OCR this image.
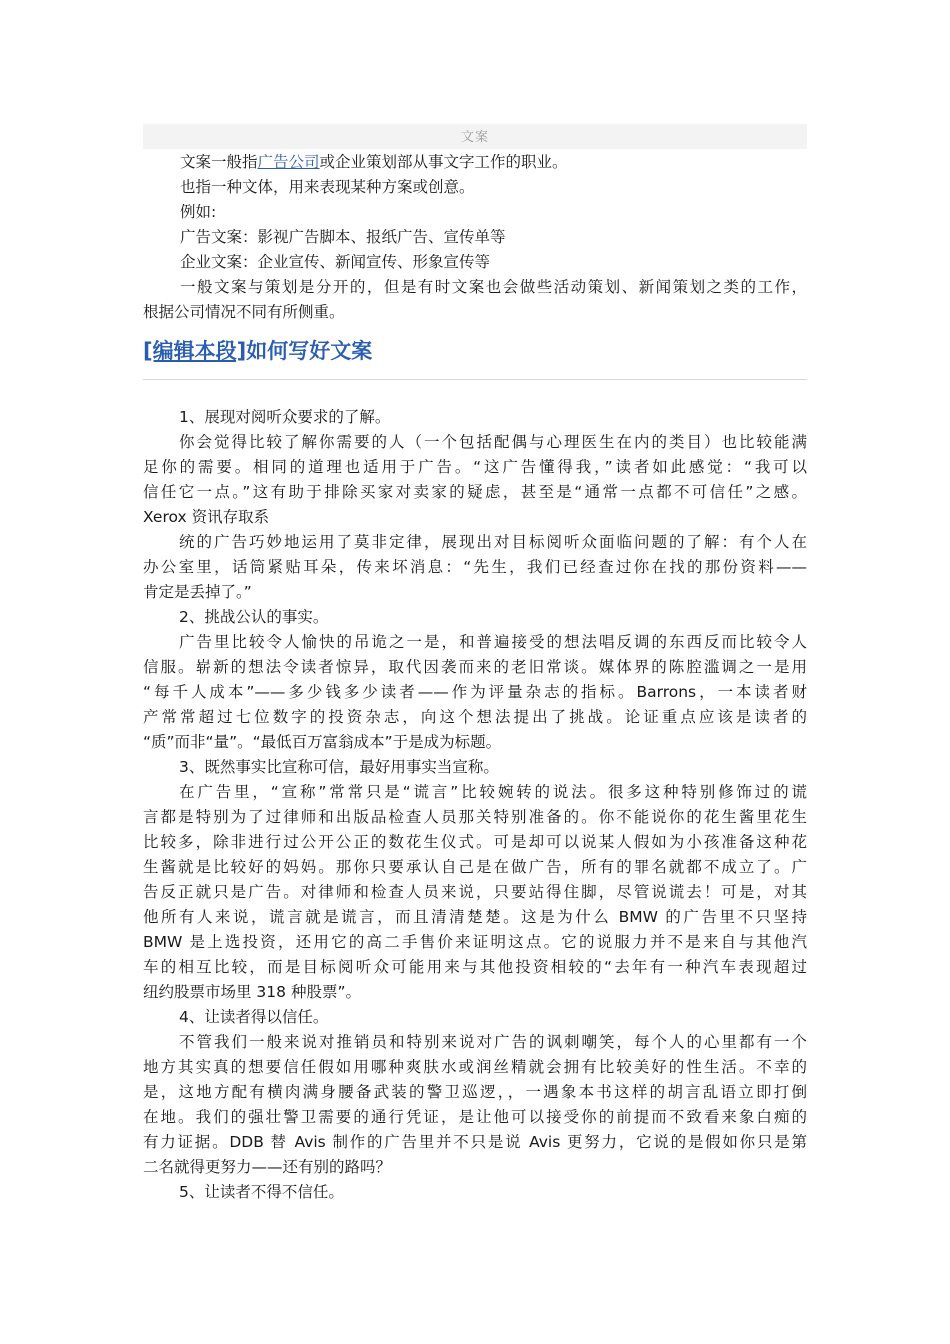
文案
文案一般指广告公司或企业策划部从事文字工作的职业。
也指一种文体，用来表现某种方案或创意。
例如:
广告文案：影视广告脚本、报纸广告、宣传单等
企业文案：企业宣传、新闻宣传、形象宣传等
一般文案与策划是分开的，但是有时文案也会做些活动策划、新闻策划之类的工作，
根据公司情况不同有所侧重。
[编辑本段]如何写好文案
1、展现对阅听众要求的了解。
你会觉得比较了解你需要的人（一个包括配偶与心理医生在内的类目）也比较能满
足你的需要。相同的道理也适用于广告。“这广告懂得我，”读者如此感觉：“我可以
信任它一点。”这有助于排除买家对卖家的疑虑，甚至是“通常一点都不可信任”之感。
Xerox 资讯存取系
统的广告巧妙地运用了莫非定律，展现出对目标阅听众面临问题的了解：有个人在
办公室里，话筒紧贴耳朵，传来坏消息：“先生，我们已经查过你在找的那份资料——
肯定是丢掉了。”
2、挑战公认的事实。
广告里比较令人愉快的吊诡之一是，和普遍接受的想法唱反调的东西反而比较令人
信服。崭新的想法令读者惊异，取代因袭而来的老旧常谈。媒体界的陈腔滥调之一是用
“每千人成本”——多少钱多少读者——作为评量杂志的指标。Barrons，一本读者财
产常常超过七位数字的投资杂志，向这个想法提出了挑战。论证重点应该是读者的
“质”而非“量”。“最低百万富翁成本”于是成为标题。
3、既然事实比宣称可信，最好用事实当宣称。
在广告里，“宣称”常常只是“谎言”比较婉转的说法。很多这种特别修饰过的谎
言都是特别为了过律师和出版品检查人员那关特别准备的。你不能说你的花生酱里花生
比较多，除非进行过公开公正的数花生仪式。可是却可以说某人假如为小孩准备这种花
生酱就是比较好的妈妈。那你只要承认自己是在做广告，所有的罪名就都不成立了。广
告反正就只是广告。对律师和检查人员来说，只要站得住脚，尽管说谎去！可是，对其
他所有人来说，谎言就是谎言，而且清清楚楚。这是为什么 BMW 的广告里不只坚持
BMW 是上选投资，还用它的高二手售价来证明这点。它的说服力并不是来自与其他汽
车的相互比较，而是目标阅听众可能用来与其他投资相较的“去年有一种汽车表现超过
纽约股票市场里 318 种股票”。
4、让读者得以信任。
不管我们一般来说对推销员和特别来说对广告的讽刺嘲笑，每个人的心里都有一个
地方其实真的想要信任假如用哪种爽肤水或润丝精就会拥有比较美好的性生活。不幸的
是，这地方配有横肉满身腰备武装的警卫巡逻，，一遇象本书这样的胡言乱语立即打倒
在地。我们的强壮警卫需要的通行凭证，是让他可以接受你的前提而不致看来象白痴的
有力证据。DDB 替 Avis 制作的广告里并不只是说 Avis 更努力，它说的是假如你只是第
二名就得更努力——还有别的路吗？
5、让读者不得不信任。
